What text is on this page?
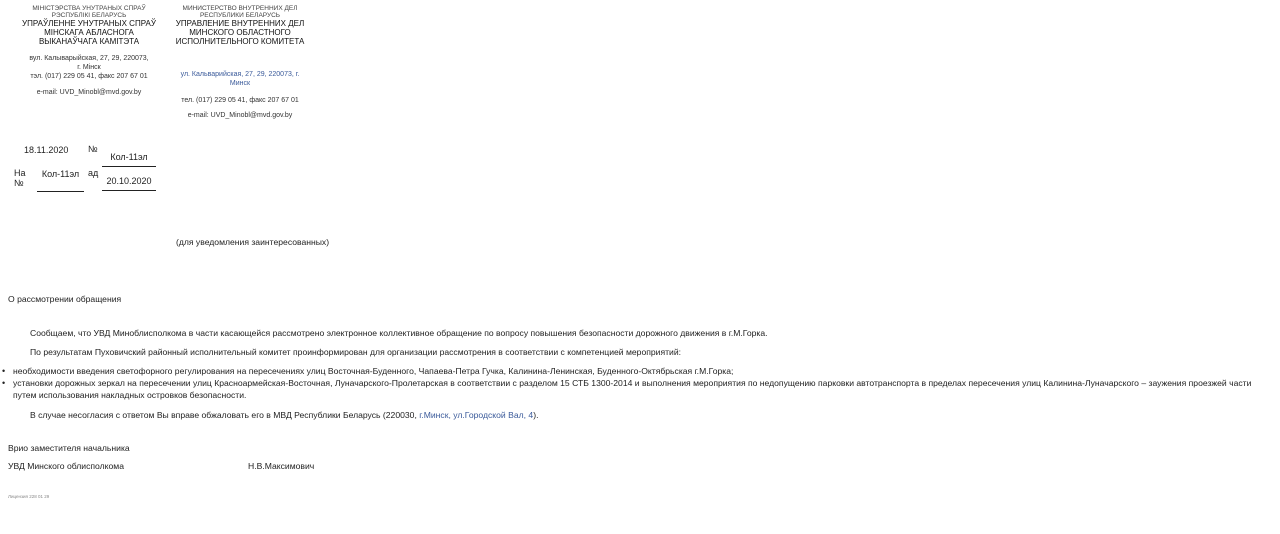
МІНІСТЭРСТВА УНУТРАНЫХ СПРАЎ РЭСПУБЛІКІ БЕЛАРУСЬ
УПРАЎЛЕННЕ УНУТРАНЫХ СПРАЎ
МІНСКАГА АБЛАСНОГА
ВЫКАНАЎЧАГА КАМІТЭТА
вул. Калыварыйская, 27, 29, 220073, г. Мінск
тэл. (017) 229 05 41, факс 207 67 01
e-mail: UVD_Minobl@mvd.gov.by
МИНИСТЕРСТВО ВНУТРЕННИХ ДЕЛ РЕСПУБЛИКИ БЕЛАРУСЬ
УПРАВЛЕНИЕ ВНУТРЕННИХ ДЕЛ
МИНСКОГО ОБЛАСТНОГО
ИСПОЛНИТЕЛЬНОГО КОМИТЕТА
ул. Кальварийская, 27, 29, 220073, г. Минск
тел. (017) 229 05 41, факс 207 67 01
e-mail: UVD_Minobl@mvd.gov.by
18.11.2020 №
Кол-11эл
На
№
Кол-11эл ад
20.10.2020
(для уведомления заинтересованных)
О рассмотрении обращения
Сообщаем, что УВД Миноблисполкома в части касающейся рассмотрено электронное коллективное обращение по вопросу повышения безопасности дорожного движения в г.М.Горка.
По результатам Пуховичский районный исполнительный комитет проинформирован для организации рассмотрения в соответствии с компетенцией мероприятий:
• необходимости введения светофорного регулирования на пересечениях улиц Восточная-Буденного, Чапаева-Петра Гучка, Калинина-Ленинская, Буденного-Октябрьская г.М.Горка;
• установки дорожных зеркал на пересечении улиц Красноармейская-Восточная, Луначарского-Пролетарская в соответствии с разделом 15 СТБ 1300-2014 и выполнения мероприятия по недопущению парковки автотранспорта в пределах пересечения улиц Калинина-Луначарского – заужения проезжей части путем использования накладных островков безопасности.
В случае несогласия с ответом Вы вправе обжаловать его в МВД Республики Беларусь (220030, г.Минск, ул.Городской Вал, 4).
Врио заместителя начальника
УВД Минского облисполкома	Н.В.Максимович
Лицензия 228 01 29
